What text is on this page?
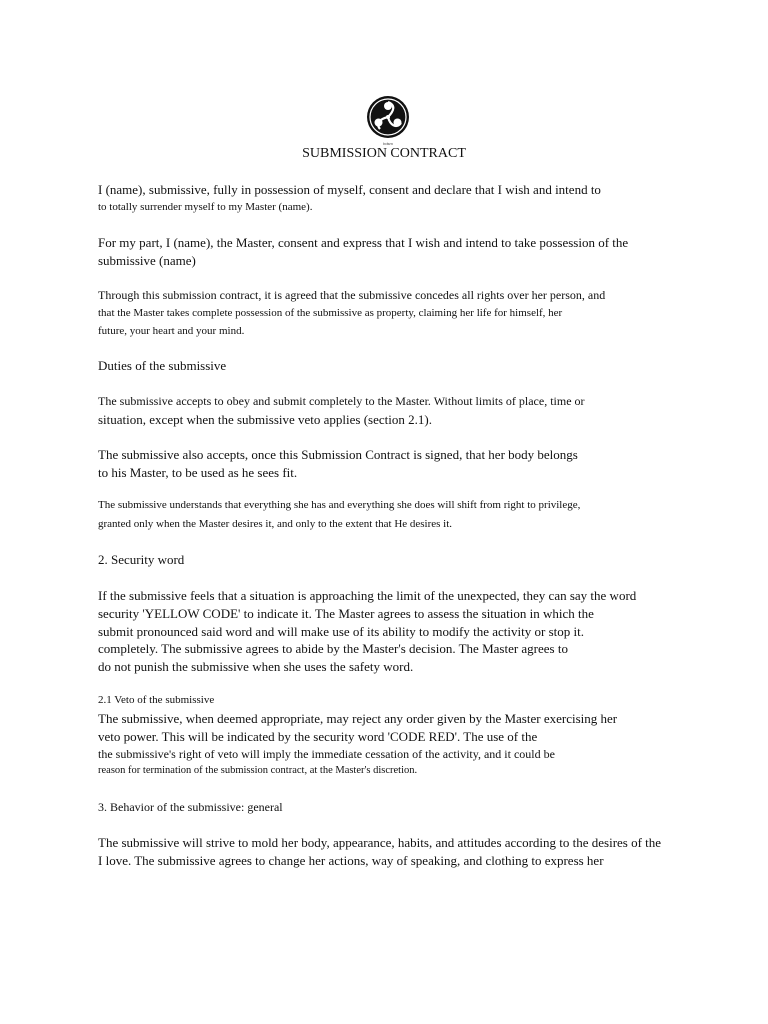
bdsm
SUBMISSION CONTRACT
I (name), submissive, fully in possession of myself, consent and declare that I wish and intend to
to totally surrender myself to my Master (name).
For my part, I (name), the Master, consent and express that I wish and intend to take possession of the
submissive (name)
Through this submission contract, it is agreed that the submissive concedes all rights over her person, and
that the Master takes complete possession of the submissive as property, claiming her life for himself, her
future, your heart and your mind.
Duties of the submissive
The submissive accepts to obey and submit completely to the Master. Without limits of place, time or
situation, except when the submissive veto applies (section 2.1).
The submissive also accepts, once this Submission Contract is signed, that her body belongs
to his Master, to be used as he sees fit.
The submissive understands that everything she has and everything she does will shift from right to privilege,
granted only when the Master desires it, and only to the extent that He desires it.
2. Security word
If the submissive feels that a situation is approaching the limit of the unexpected, they can say the word
security 'YELLOW CODE' to indicate it. The Master agrees to assess the situation in which the
submit pronounced said word and will make use of its ability to modify the activity or stop it.
completely. The submissive agrees to abide by the Master's decision. The Master agrees to
do not punish the submissive when she uses the safety word.
2.1 Veto of the submissive
The submissive, when deemed appropriate, may reject any order given by the Master exercising her
veto power. This will be indicated by the security word 'CODE RED'. The use of the
the submissive's right of veto will imply the immediate cessation of the activity, and it could be
reason for termination of the submission contract, at the Master's discretion.
3. Behavior of the submissive: general
The submissive will strive to mold her body, appearance, habits, and attitudes according to the desires of the
I love. The submissive agrees to change her actions, way of speaking, and clothing to express her
